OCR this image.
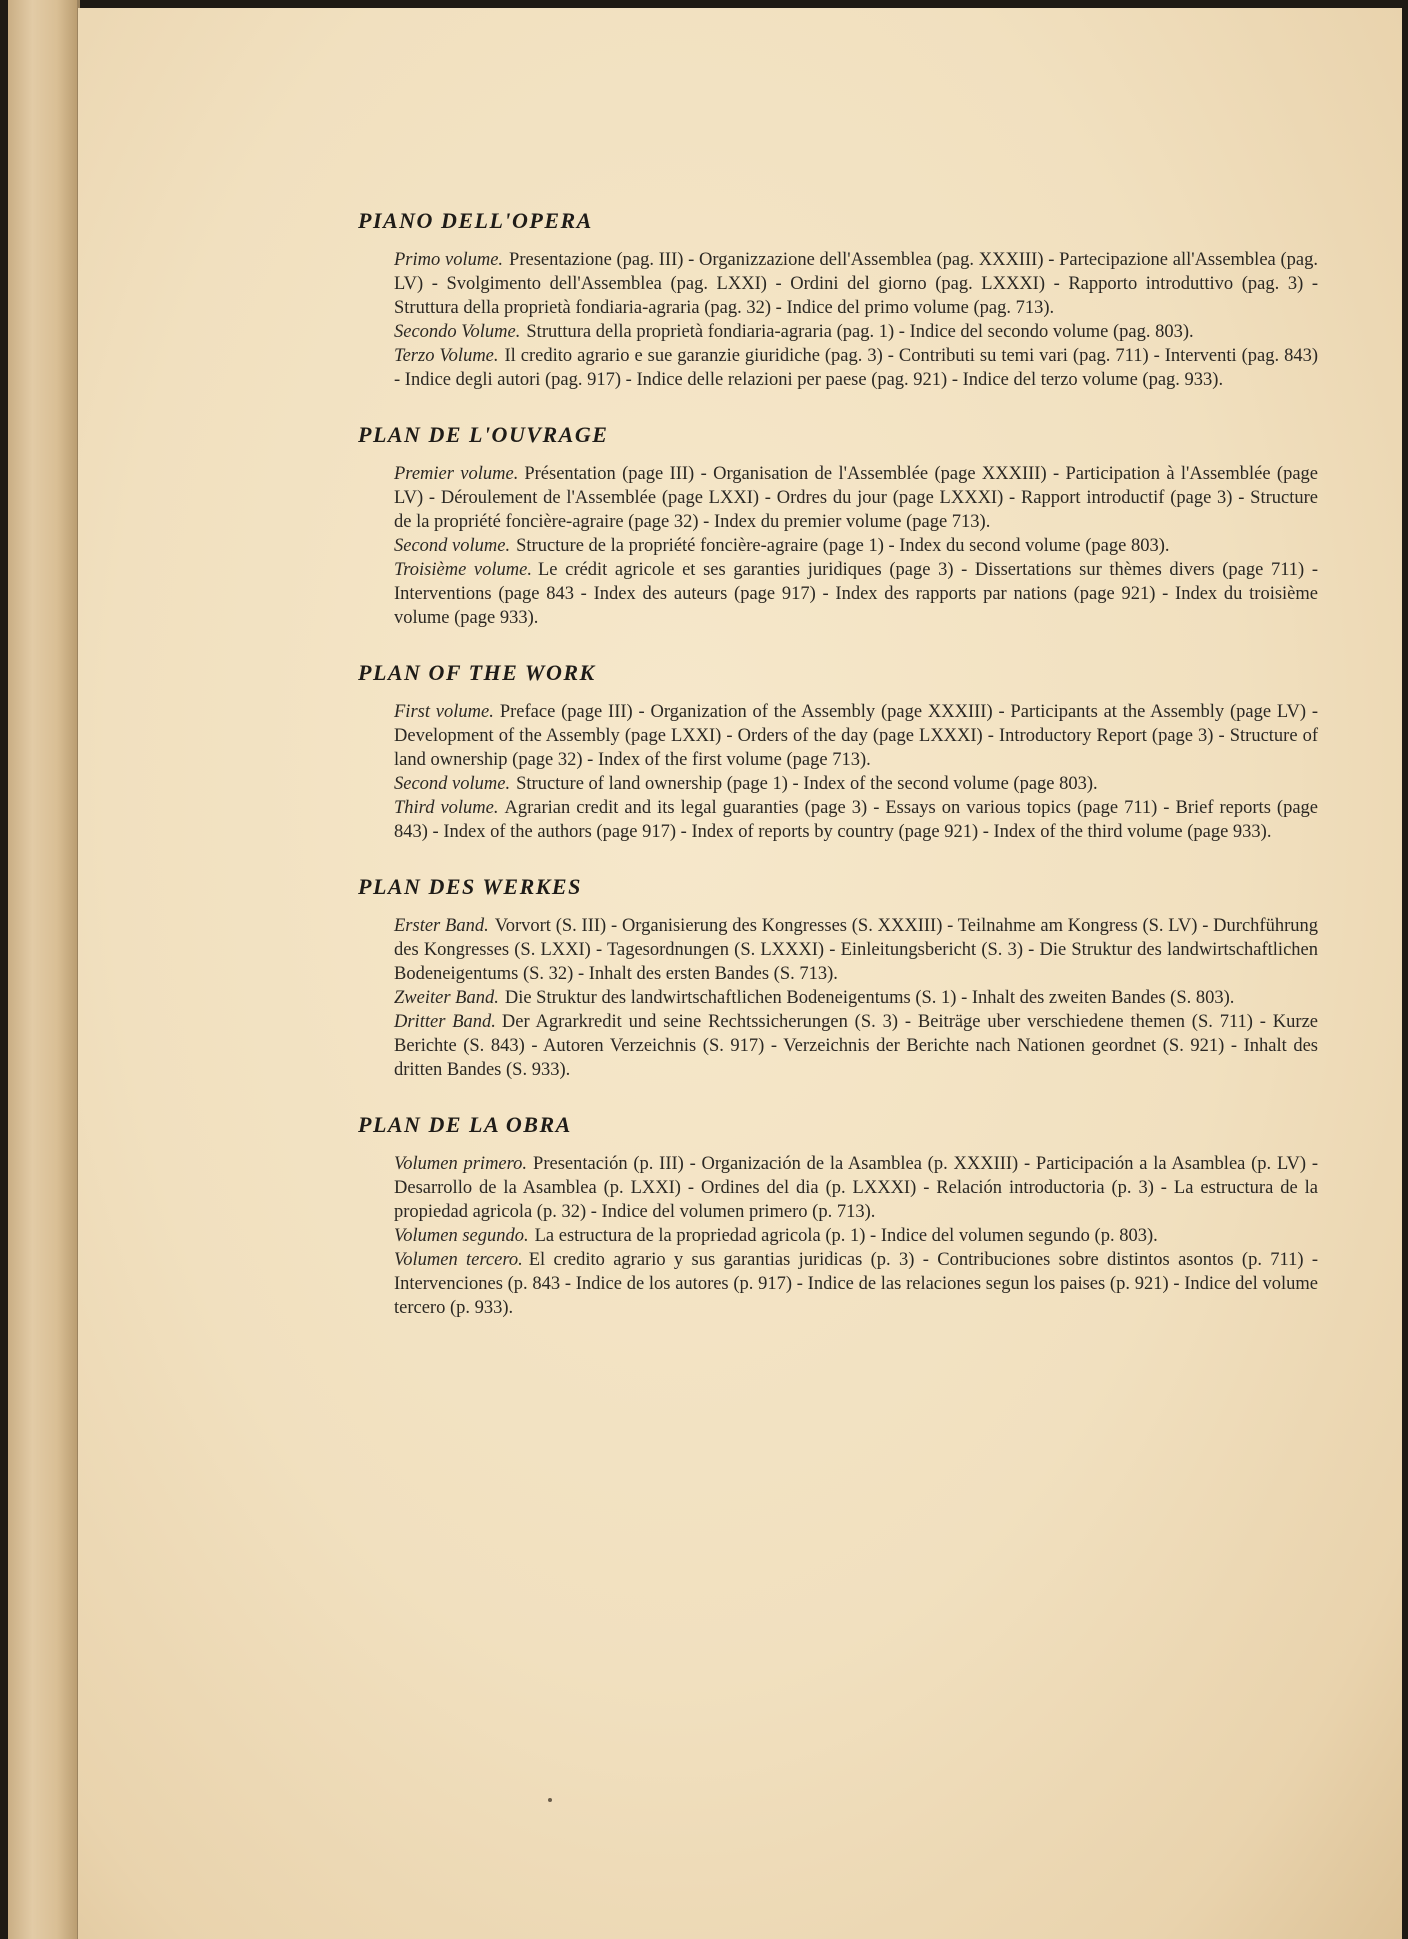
PIANO DELL'OPERA
Primo volume. Presentazione (pag. III) - Organizzazione dell'Assemblea (pag. XXXIII) - Partecipazione all'Assemblea (pag. LV) - Svolgimento dell'Assemblea (pag. LXXI) - Ordini del giorno (pag. LXXXI) - Rapporto introduttivo (pag. 3) - Struttura della proprietà fondiaria-agraria (pag. 32) - Indice del primo volume (pag. 713).
Secondo Volume. Struttura della proprietà fondiaria-agraria (pag. 1) - Indice del secondo volume (pag. 803).
Terzo Volume. Il credito agrario e sue garanzie giuridiche (pag. 3) - Contributi su temi vari (pag. 711) - Interventi (pag. 843) - Indice degli autori (pag. 917) - Indice delle relazioni per paese (pag. 921) - Indice del terzo volume (pag. 933).
PLAN DE L'OUVRAGE
Premier volume. Présentation (page III) - Organisation de l'Assemblée (page XXXIII) - Participation à l'Assemblée (page LV) - Déroulement de l'Assemblée (page LXXI) - Ordres du jour (page LXXXI) - Rapport introductif (page 3) - Structure de la propriété foncière-agraire (page 32) - Index du premier volume (page 713).
Second volume. Structure de la propriété foncière-agraire (page 1) - Index du second volume (page 803).
Troisième volume. Le crédit agricole et ses garanties juridiques (page 3) - Dissertations sur thèmes divers (page 711) - Interventions (page 843 - Index des auteurs (page 917) - Index des rapports par nations (page 921) - Index du troisième volume (page 933).
PLAN OF THE WORK
First volume. Preface (page III) - Organization of the Assembly (page XXXIII) - Participants at the Assembly (page LV) - Development of the Assembly (page LXXI) - Orders of the day (page LXXXI) - Introductory Report (page 3) - Structure of land ownership (page 32) - Index of the first volume (page 713).
Second volume. Structure of land ownership (page 1) - Index of the second volume (page 803).
Third volume. Agrarian credit and its legal guaranties (page 3) - Essays on various topics (page 711) - Brief reports (page 843) - Index of the authors (page 917) - Index of reports by country (page 921) - Index of the third volume (page 933).
PLAN DES WERKES
Erster Band. Vorvort (S. III) - Organisierung des Kongresses (S. XXXIII) - Teilnahme am Kongress (S. LV) - Durchführung des Kongresses (S. LXXI) - Tagesordnungen (S. LXXXI) - Einleitungsbericht (S. 3) - Die Struktur des landwirtschaftlichen Bodeneigentums (S. 32) - Inhalt des ersten Bandes (S. 713).
Zweiter Band. Die Struktur des landwirtschaftlichen Bodeneigentums (S. 1) - Inhalt des zweiten Bandes (S. 803).
Dritter Band. Der Agrarkredit und seine Rechtssicherungen (S. 3) - Beiträge uber verschiedene themen (S. 711) - Kurze Berichte (S. 843) - Autoren Verzeichnis (S. 917) - Verzeichnis der Berichte nach Nationen geordnet (S. 921) - Inhalt des dritten Bandes (S. 933).
PLAN DE LA OBRA
Volumen primero. Presentación (p. III) - Organización de la Asamblea (p. XXXIII) - Participación a la Asamblea (p. LV) - Desarrollo de la Asamblea (p. LXXI) - Ordines del dia (p. LXXXI) - Relación introductoria (p. 3) - La estructura de la propiedad agricola (p. 32) - Indice del volumen primero (p. 713).
Volumen segundo. La estructura de la propriedad agricola (p. 1) - Indice del volumen segundo (p. 803).
Volumen tercero. El credito agrario y sus garantias juridicas (p. 3) - Contribuciones sobre distintos asontos (p. 711) - Intervenciones (p. 843 - Indice de los autores (p. 917) - Indice de las relaciones segun los paises (p. 921) - Indice del volume tercero (p. 933).
